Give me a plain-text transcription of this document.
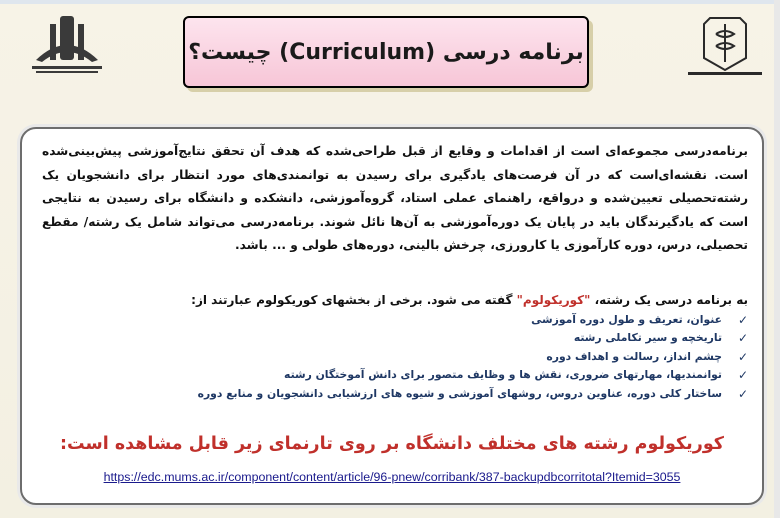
برنامه درسی (Curriculum) چیست؟
برنامه‌درسی مجموعه‌ای است از اقدامات و وقایع از قبل طراحی‌شده که هدف آن تحقق نتایج‌آموزشی پیش‌بینی‌شده است. نقشه‌ای‌است که در آن فرصت‌های یادگیری برای رسیدن به توانمندی‌های مورد انتظار برای دانشجویان یک رشته‌تحصیلی تعیین‌شده و درواقع، راهنمای عملی استاد، گروه‌آموزشی، دانشکده و دانشگاه برای رسیدن به نتایجی است که یادگیرندگان باید در پایان یک دوره‌آموزشی به آن‌ها نائل شوند. برنامه‌درسی می‌تواند شامل یک رشته/ مقطع تحصیلی، درس، دوره کارآموزی یا کارورزی، چرخش بالینی، دوره‌های طولی و ... باشد.
به برنامه درسی یک رشته، "کوریکولوم" گفته می شود. برخی از بخشهای کوریکولوم عبارتند از:
✓
عنوان، تعریف و طول دوره آموزشی
✓
تاریخچه و سیر تکاملی رشته
✓
چشم انداز، رسالت و اهداف دوره
✓
توانمندیها، مهارتهای ضروری، نقش ها و وظایف متصور برای دانش آموختگان رشته
✓
ساختار کلی دوره، عناوین دروس، روشهای آموزشی و شیوه های ارزشیابی دانشجویان و منابع دوره
کوریکولوم رشته های مختلف دانشگاه بر روی تارنمای زیر قابل مشاهده است:
https://edc.mums.ac.ir/component/content/article/96-pnew/corribank/387-backupdbcorritotal?Itemid=3055
